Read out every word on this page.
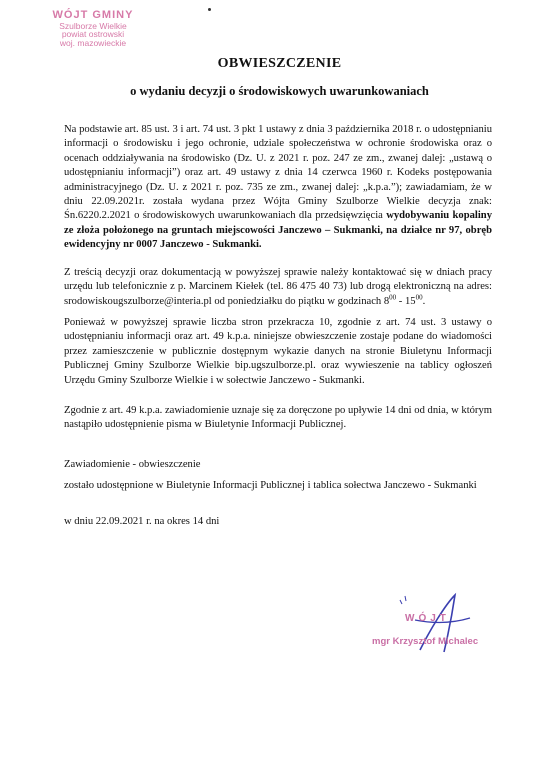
WÓJT GMINY
Szulborze Wielkie
powiat ostrowski
woj. mazowieckie
OBWIESZCZENIE
o wydaniu decyzji o środowiskowych uwarunkowaniach
Na podstawie art. 85 ust. 3 i art. 74 ust. 3 pkt 1 ustawy z dnia 3 października 2018 r. o udostępnianiu informacji o środowisku i jego ochronie, udziale społeczeństwa w ochronie środowiska oraz o ocenach oddziaływania na środowisko (Dz. U. z 2021 r. poz. 247 ze zm., zwanej dalej: „ustawą o udostępnianiu informacji”) oraz art. 49 ustawy z dnia 14 czerwca 1960 r. Kodeks postępowania administracyjnego (Dz. U. z 2021 r. poz. 735 ze zm., zwanej dalej: „k.p.a.”); zawiadamiam, że w dniu 22.09.2021r. została wydana przez Wójta Gminy Szulborze Wielkie decyzja znak: Śn.6220.2.2021 o środowiskowych uwarunkowaniach dla przedsięwzięcia wydobywaniu kopaliny ze złoża położonego na gruntach miejscowości Janczewo – Sukmanki, na działce nr 97, obręb ewidencyjny nr 0007 Janczewo - Sukmanki.
Z treścią decyzji oraz dokumentacją w powyższej sprawie należy kontaktować się w dniach pracy urzędu lub telefonicznie z p. Marcinem Kiełek (tel. 86 475 40 73) lub drogą elektroniczną na adres: srodowiskougszulborze@interia.pl od poniedziałku do piątku w godzinach $8^{00} - 15^{00}$.
Ponieważ w powyższej sprawie liczba stron przekracza 10, zgodnie z art. 74 ust. 3 ustawy o udostępnianiu informacji oraz art. 49 k.p.a. niniejsze obwieszczenie zostaje podane do wiadomości przez zamieszczenie w publicznie dostępnym wykazie danych na stronie Biuletynu Informacji Publicznej Gminy Szulborze Wielkie bip.ugszulborze.pl. oraz wywieszenie na tablicy ogłoszeń Urzędu Gminy Szulborze Wielkie i w sołectwie Janczewo - Sukmanki.
Zgodnie z art. 49 k.p.a. zawiadomienie uznaje się za doręczone po upływie 14 dni od dnia, w którym nastąpiło udostępnienie pisma w Biuletynie Informacji Publicznej.
Zawiadomienie - obwieszczenie
zostało udostępnione w Biuletynie Informacji Publicznej i tablica sołectwa Janczewo - Sukmanki
w dniu 22.09.2021 r. na okres 14 dni
WÓJT
mgr Krzysztof Michalec
